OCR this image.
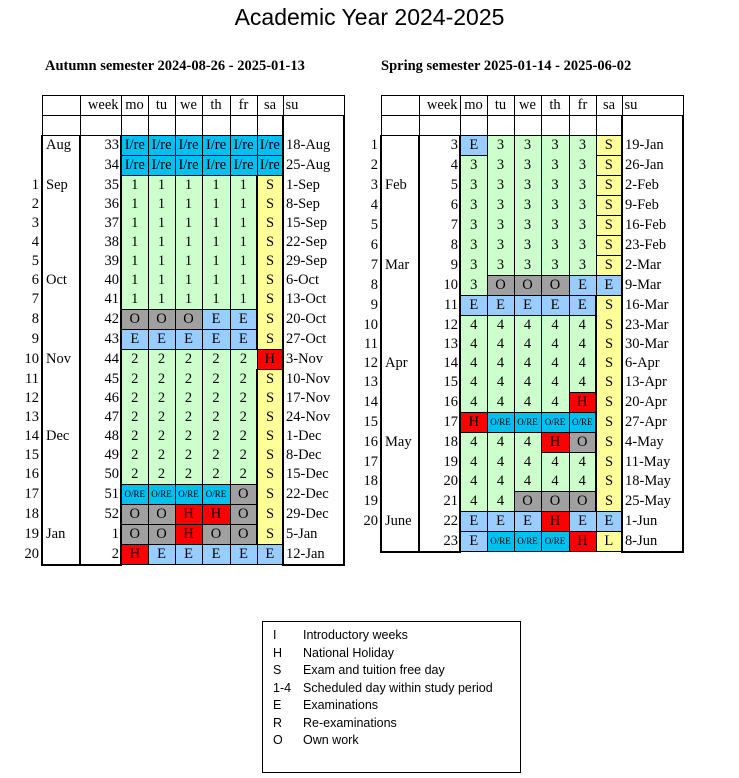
Academic Year 2024-2025
Autumn semester 2024-08-26 - 2025-01-13	Spring semester 2025-01-14 - 2025-06-02
		week	mo	tu	we	th	fr	sa	su

	Aug	33	I/re	I/re	I/re	I/re	I/re	I/re	18-Aug
		34	I/re	I/re	I/re	I/re	I/re	I/re	25-Aug
1	Sep	35	1	1	1	1	1	S	1-Sep
2		36	1	1	1	1	1	S	8-Sep
3		37	1	1	1	1	1	S	15-Sep
4		38	1	1	1	1	1	S	22-Sep
5		39	1	1	1	1	1	S	29-Sep
6	Oct	40	1	1	1	1	1	S	6-Oct
7		41	1	1	1	1	1	S	13-Oct
8		42	O	O	O	E	E	S	20-Oct
9		43	E	E	E	E	E	S	27-Oct
10	Nov	44	2	2	2	2	2	H	3-Nov
11		45	2	2	2	2	2	S	10-Nov
12		46	2	2	2	2	2	S	17-Nov
13		47	2	2	2	2	2	S	24-Nov
14	Dec	48	2	2	2	2	2	S	1-Dec
15		49	2	2	2	2	2	S	8-Dec
16		50	2	2	2	2	2	S	15-Dec
17		51	O/RE	O/RE	O/RE	O/RE	O	S	22-Dec
18		52	O	O	H	H	O	S	29-Dec
19	Jan	1	O	O	H	O	O	S	5-Jan
20		2	H	E	E	E	E	E	12-Jan
		week	mo	tu	we	th	fr	sa	su

1		3	E	3	3	3	3	S	19-Jan
2		4	3	3	3	3	3	S	26-Jan
3	Feb	5	3	3	3	3	3	S	2-Feb
4		6	3	3	3	3	3	S	9-Feb
5		7	3	3	3	3	3	S	16-Feb
6		8	3	3	3	3	3	S	23-Feb
7	Mar	9	3	3	3	3	3	S	2-Mar
8		10	3	O	O	O	E	E	9-Mar
9		11	E	E	E	E	E	S	16-Mar
10		12	4	4	4	4	4	S	23-Mar
11		13	4	4	4	4	4	S	30-Mar
12	Apr	14	4	4	4	4	4	S	6-Apr
13		15	4	4	4	4	4	S	13-Apr
14		16	4	4	4	4	H	S	20-Apr
15		17	H	O/RE	O/RE	O/RE	O/RE	S	27-Apr
16	May	18	4	4	4	H	O	S	4-May
17		19	4	4	4	4	4	S	11-May
18		20	4	4	4	4	4	S	18-May
19		21	4	4	O	O	O	S	25-May
20	June	22	E	E	E	H	E	E	1-Jun
		23	E	O/RE	O/RE	O/RE	H	L	8-Jun
I Introductory weeks
H National Holiday
S Exam and tuition free day
1-4 Scheduled day within study period
E Examinations
R Re-examinations
O Own work
